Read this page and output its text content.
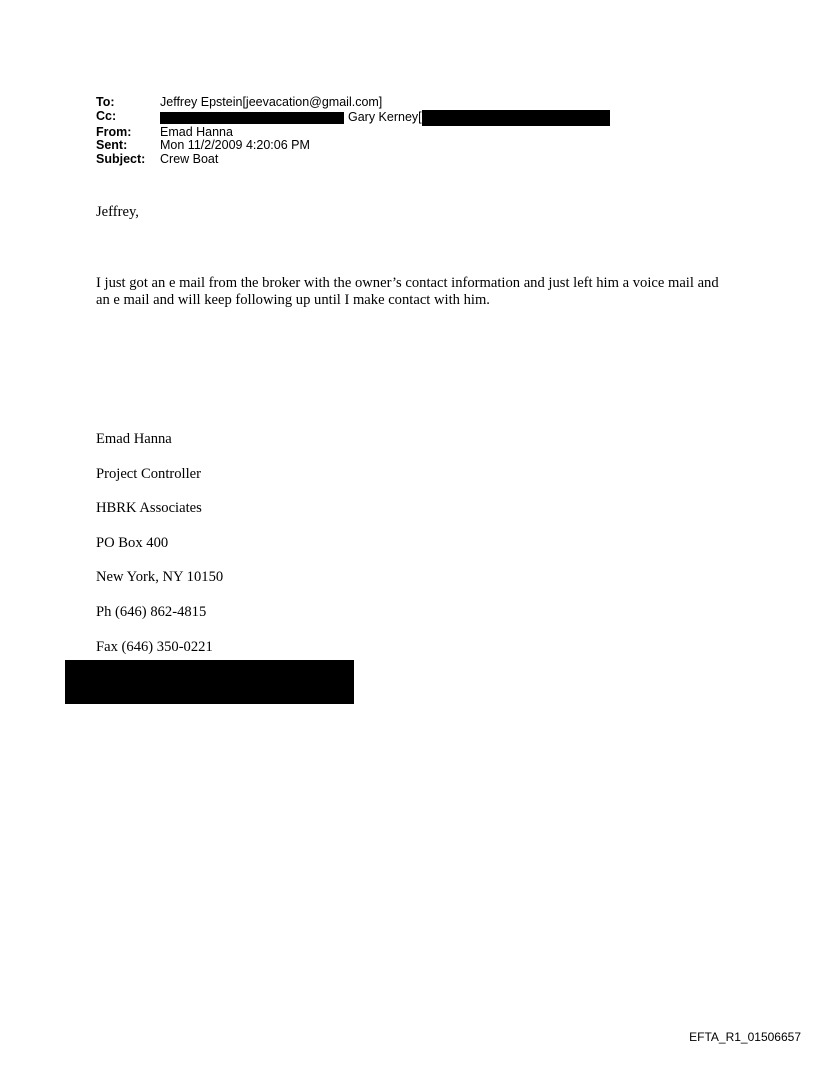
To:	Jeffrey Epstein[jeevacation@gmail.com]
Cc:	Gary Kerney[
From:	Emad Hanna
Sent:	Mon 11/2/2009 4:20:06 PM
Subject:	Crew Boat

Jeffrey,

I just got an e mail from the broker with the owner’s contact information and just left him a voice mail and an e mail and will keep following up until I make contact with him.

Emad Hanna
Project Controller
HBRK Associates
PO Box 400
New York, NY 10150
Ph (646) 862-4815
Fax (646) 350-0221
EFTA_R1_01506657
